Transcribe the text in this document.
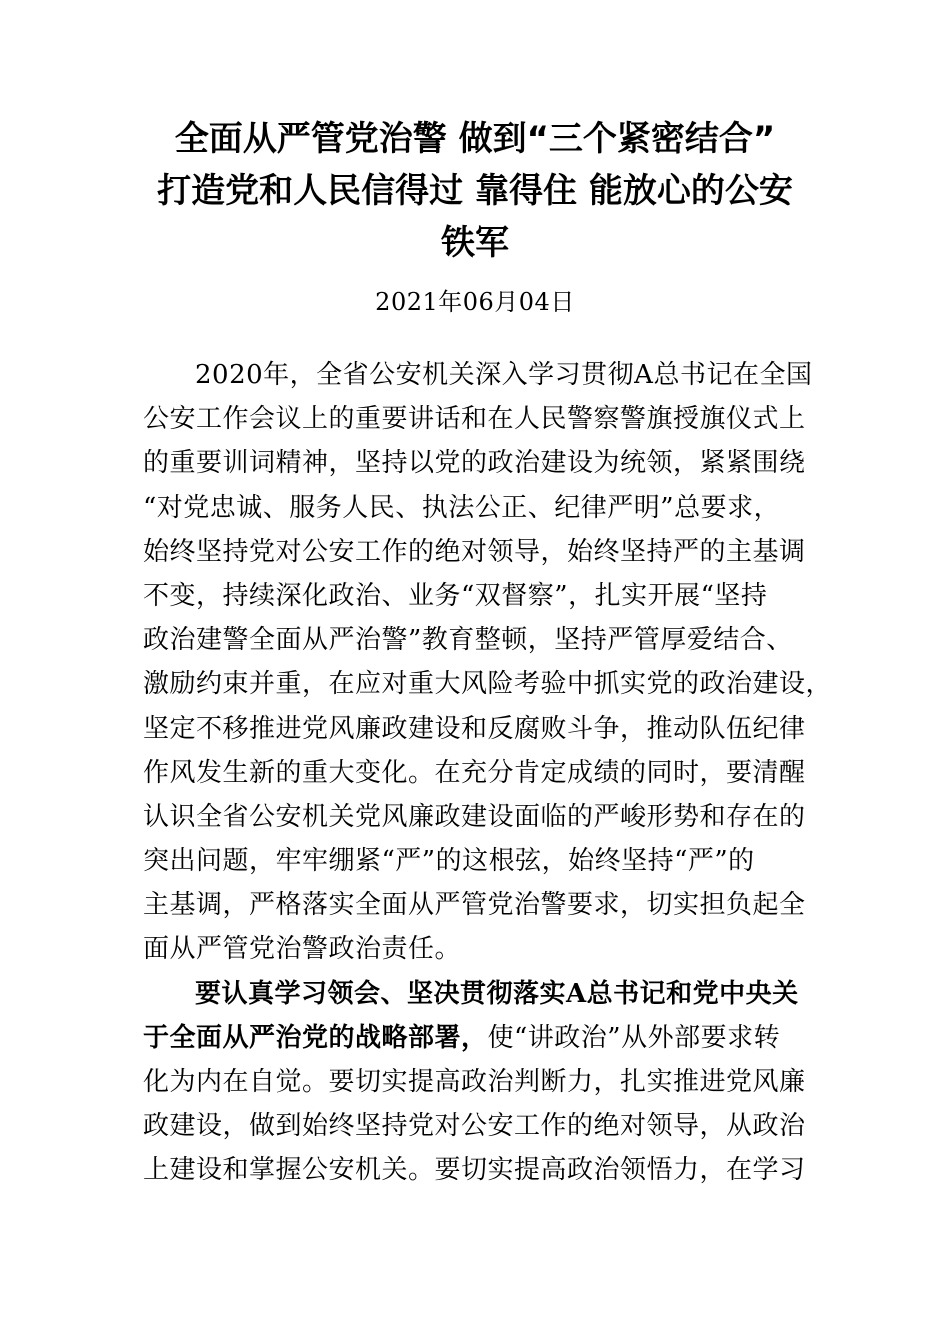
全面从严管党治警 做到“三个紧密结合”
打造党和人民信得过 靠得住 能放心的公安
铁军
2021年06月04日
2020年，全省公安机关深入学习贯彻A总书记在全国
公安工作会议上的重要讲话和在人民警察警旗授旗仪式上
的重要训词精神，坚持以党的政治建设为统领，紧紧围绕
“对党忠诚、服务人民、执法公正、纪律严明”总要求，
始终坚持党对公安工作的绝对领导，始终坚持严的主基调
不变，持续深化政治、业务“双督察”，扎实开展“坚持
政治建警全面从严治警”教育整顿，坚持严管厚爱结合、
激励约束并重，在应对重大风险考验中抓实党的政治建设，
坚定不移推进党风廉政建设和反腐败斗争，推动队伍纪律
作风发生新的重大变化。在充分肯定成绩的同时，要清醒
认识全省公安机关党风廉政建设面临的严峻形势和存在的
突出问题，牢牢绷紧“严”的这根弦，始终坚持“严”的
主基调，严格落实全面从严管党治警要求，切实担负起全
面从严管党治警政治责任。
要认真学习领会、坚决贯彻落实A总书记和党中央关
于全面从严治党的战略部署，使“讲政治”从外部要求转
化为内在自觉。要切实提高政治判断力，扎实推进党风廉
政建设，做到始终坚持党对公安工作的绝对领导，从政治
上建设和掌握公安机关。要切实提高政治领悟力，在学习
